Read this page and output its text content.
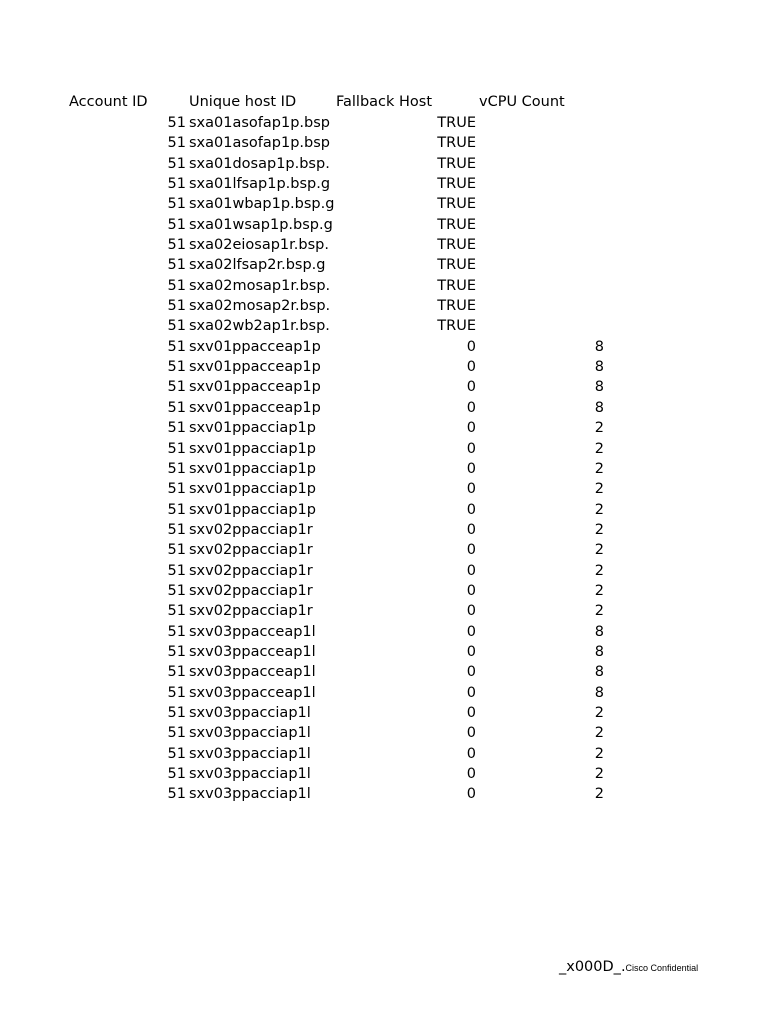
Account ID	Unique host ID	Fallback Host	vCPU Count
51 sxa01asofap1p.bsp	TRUE
51 sxa01asofap1p.bsp	TRUE
51 sxa01dosap1p.bsp.	TRUE
51 sxa01lfsap1p.bsp.g	TRUE
51 sxa01wbap1p.bsp.g	TRUE
51 sxa01wsap1p.bsp.g	TRUE
51 sxa02eiosap1r.bsp.	TRUE
51 sxa02lfsap2r.bsp.g	TRUE
51 sxa02mosap1r.bsp.	TRUE
51 sxa02mosap2r.bsp.	TRUE
51 sxa02wb2ap1r.bsp.	TRUE
51 sxv01ppacceap1p	0	8
51 sxv01ppacceap1p	0	8
51 sxv01ppacceap1p	0	8
51 sxv01ppacceap1p	0	8
51 sxv01ppacciap1p	0	2
51 sxv01ppacciap1p	0	2
51 sxv01ppacciap1p	0	2
51 sxv01ppacciap1p	0	2
51 sxv01ppacciap1p	0	2
51 sxv02ppacciap1r	0	2
51 sxv02ppacciap1r	0	2
51 sxv02ppacciap1r	0	2
51 sxv02ppacciap1r	0	2
51 sxv02ppacciap1r	0	2
51 sxv03ppacceap1l	0	8
51 sxv03ppacceap1l	0	8
51 sxv03ppacceap1l	0	8
51 sxv03ppacceap1l	0	8
51 sxv03ppacciap1l	0	2
51 sxv03ppacciap1l	0	2
51 sxv03ppacciap1l	0	2
51 sxv03ppacciap1l	0	2
51 sxv03ppacciap1l	0	2
_x000D_.Cisco Confidential
